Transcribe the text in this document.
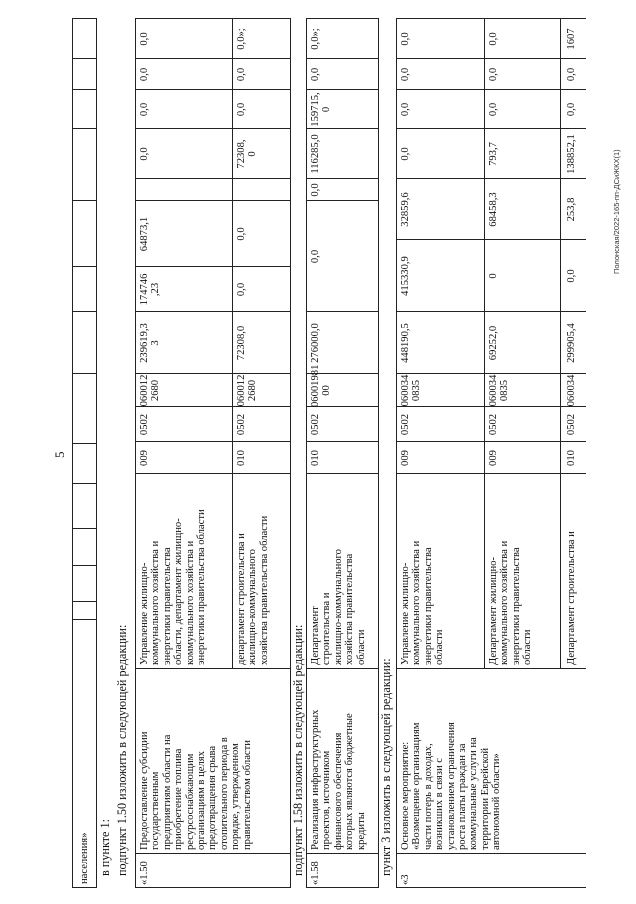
5
населения» в пункте 1: подпункт 1.50 изложить в следующей редакции: «1.50
Предоставление субсидии
государственным
предприятиям области на
приобретение топлива
ресурсоснабжающим
организациям в целях
предотвращения срыва
отопительного периода в
порядке, утвержденном
правительством области
Управление жилищно-
коммунального хозяйства и
энергетики правительства
области, департамент жилищно-
коммунального хозяйства и
энергетики правительства области
009
0502
060012
2680
239619,3
3
174746
,23
64873,1
0,0
0,0
0,0
0,0
департамент строительства и
жилищно-коммунального
хозяйства правительства области
010
0502
060012
2680
72308,0
0,0
0,0
72308,
0
0,0
0,0
0,0»;
подпункт 1.58 изложить в следующей редакции: «1.58
Реализация инфраструктурных
проектов, источником
финансового обеспечения
которых являются бюджетные
кредиты
Департамент
строительства и
жилищно-коммунального
хозяйства правительства
области
010
0502
06001981
00
276000,0
0,0
0,0
116285,0
159715,
0
0,0
0,0»;
пункт 3 изложить в следующей редакции:
«3
Основное мероприятие:
«Возмещение организациям
части потерь в доходах,
возникших в связи с
установлением ограничения
роста платы граждан за
коммунальные услуги на
территории Еврейской
автономной области»
Управление жилищно-
коммунального хозяйства и
энергетики правительства
области
009
0502
060034
0835
448190,5
415330,9
32859,6
0,0
0,0
0,0
0,0
Департамент жилищно-
коммунального хозяйства и
энергетики правительства
области
009
0502
060034
0835
69252,0
0
68458,3
793,7
0,0
0,0
0,0
Департамент строительства и
010
0502
060034
299905,4
0,0
253,8
138852,1
0,0
0,0
1607
Полонская/2022-165-пп-ДСиЖКХ(1)
